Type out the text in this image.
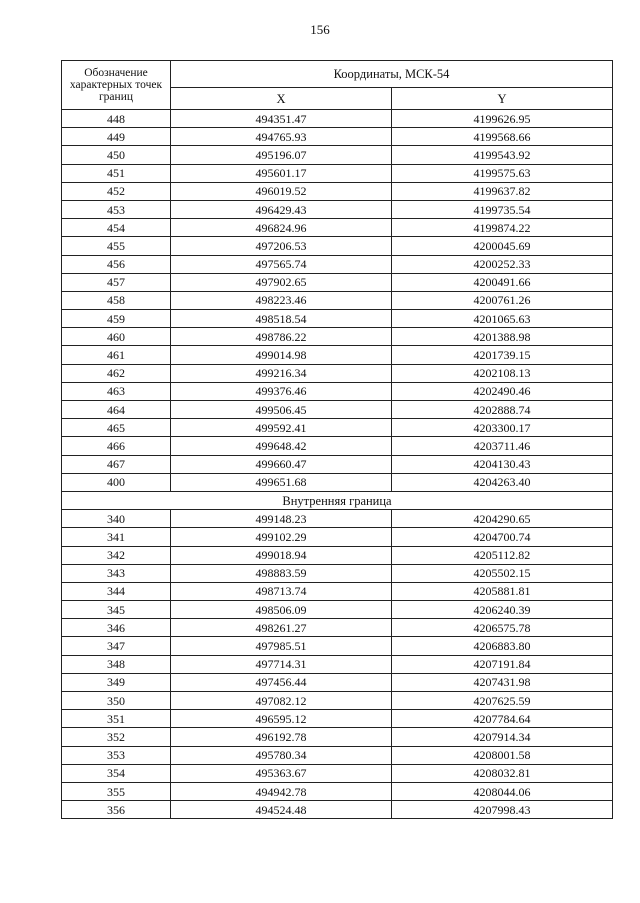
156
Обозначение характерных точек границ	Координаты, МСК-54	
	X	Y
448	494351.47	4199626.95
449	494765.93	4199568.66
450	495196.07	4199543.92
451	495601.17	4199575.63
452	496019.52	4199637.82
453	496429.43	4199735.54
454	496824.96	4199874.22
455	497206.53	4200045.69
456	497565.74	4200252.33
457	497902.65	4200491.66
458	498223.46	4200761.26
459	498518.54	4201065.63
460	498786.22	4201388.98
461	499014.98	4201739.15
462	499216.34	4202108.13
463	499376.46	4202490.46
464	499506.45	4202888.74
465	499592.41	4203300.17
466	499648.42	4203711.46
467	499660.47	4204130.43
400	499651.68	4204263.40
Внутренняя граница		
340	499148.23	4204290.65
341	499102.29	4204700.74
342	499018.94	4205112.82
343	498883.59	4205502.15
344	498713.74	4205881.81
345	498506.09	4206240.39
346	498261.27	4206575.78
347	497985.51	4206883.80
348	497714.31	4207191.84
349	497456.44	4207431.98
350	497082.12	4207625.59
351	496595.12	4207784.64
352	496192.78	4207914.34
353	495780.34	4208001.58
354	495363.67	4208032.81
355	494942.78	4208044.06
356	494524.48	4207998.43
